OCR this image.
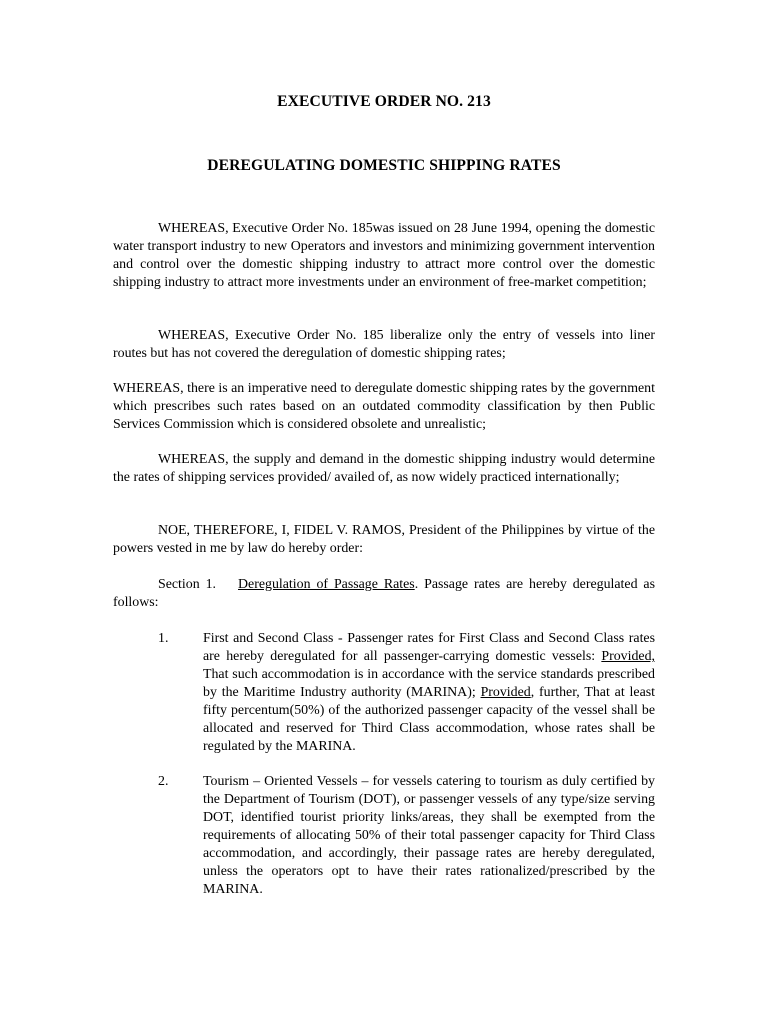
EXECUTIVE ORDER NO. 213
DEREGULATING DOMESTIC SHIPPING RATES
WHEREAS, Executive Order No. 185was issued on 28 June 1994, opening the domestic water transport industry to new Operators and investors and minimizing government intervention and control over the domestic shipping industry to attract more control over the domestic shipping industry to attract more investments under an environment of free-market competition;
WHEREAS, Executive Order No. 185 liberalize only the entry of vessels into liner routes but has not covered the deregulation of domestic shipping rates;
WHEREAS, there is an imperative need to deregulate domestic shipping rates by the government which prescribes such rates based on an outdated commodity classification by then Public Services Commission which is considered obsolete and unrealistic;
WHEREAS, the supply and demand in the domestic shipping industry would determine the rates of shipping services provided/ availed of, as now widely practiced internationally;
NOE, THEREFORE, I, FIDEL V. RAMOS, President of the Philippines by virtue of the powers vested in me by law do hereby order:
Section 1. Deregulation of Passage Rates. Passage rates are hereby deregulated as follows:
1. First and Second Class - Passenger rates for First Class and Second Class rates are hereby deregulated for all passenger-carrying domestic vessels: Provided, That such accommodation is in accordance with the service standards prescribed by the Maritime Industry authority (MARINA); Provided, further, That at least fifty percentum(50%) of the authorized passenger capacity of the vessel shall be allocated and reserved for Third Class accommodation, whose rates shall be regulated by the MARINA.
2. Tourism – Oriented Vessels – for vessels catering to tourism as duly certified by the Department of Tourism (DOT), or passenger vessels of any type/size serving DOT, identified tourist priority links/areas, they shall be exempted from the requirements of allocating 50% of their total passenger capacity for Third Class accommodation, and accordingly, their passage rates are hereby deregulated, unless the operators opt to have their rates rationalized/prescribed by the MARINA.
